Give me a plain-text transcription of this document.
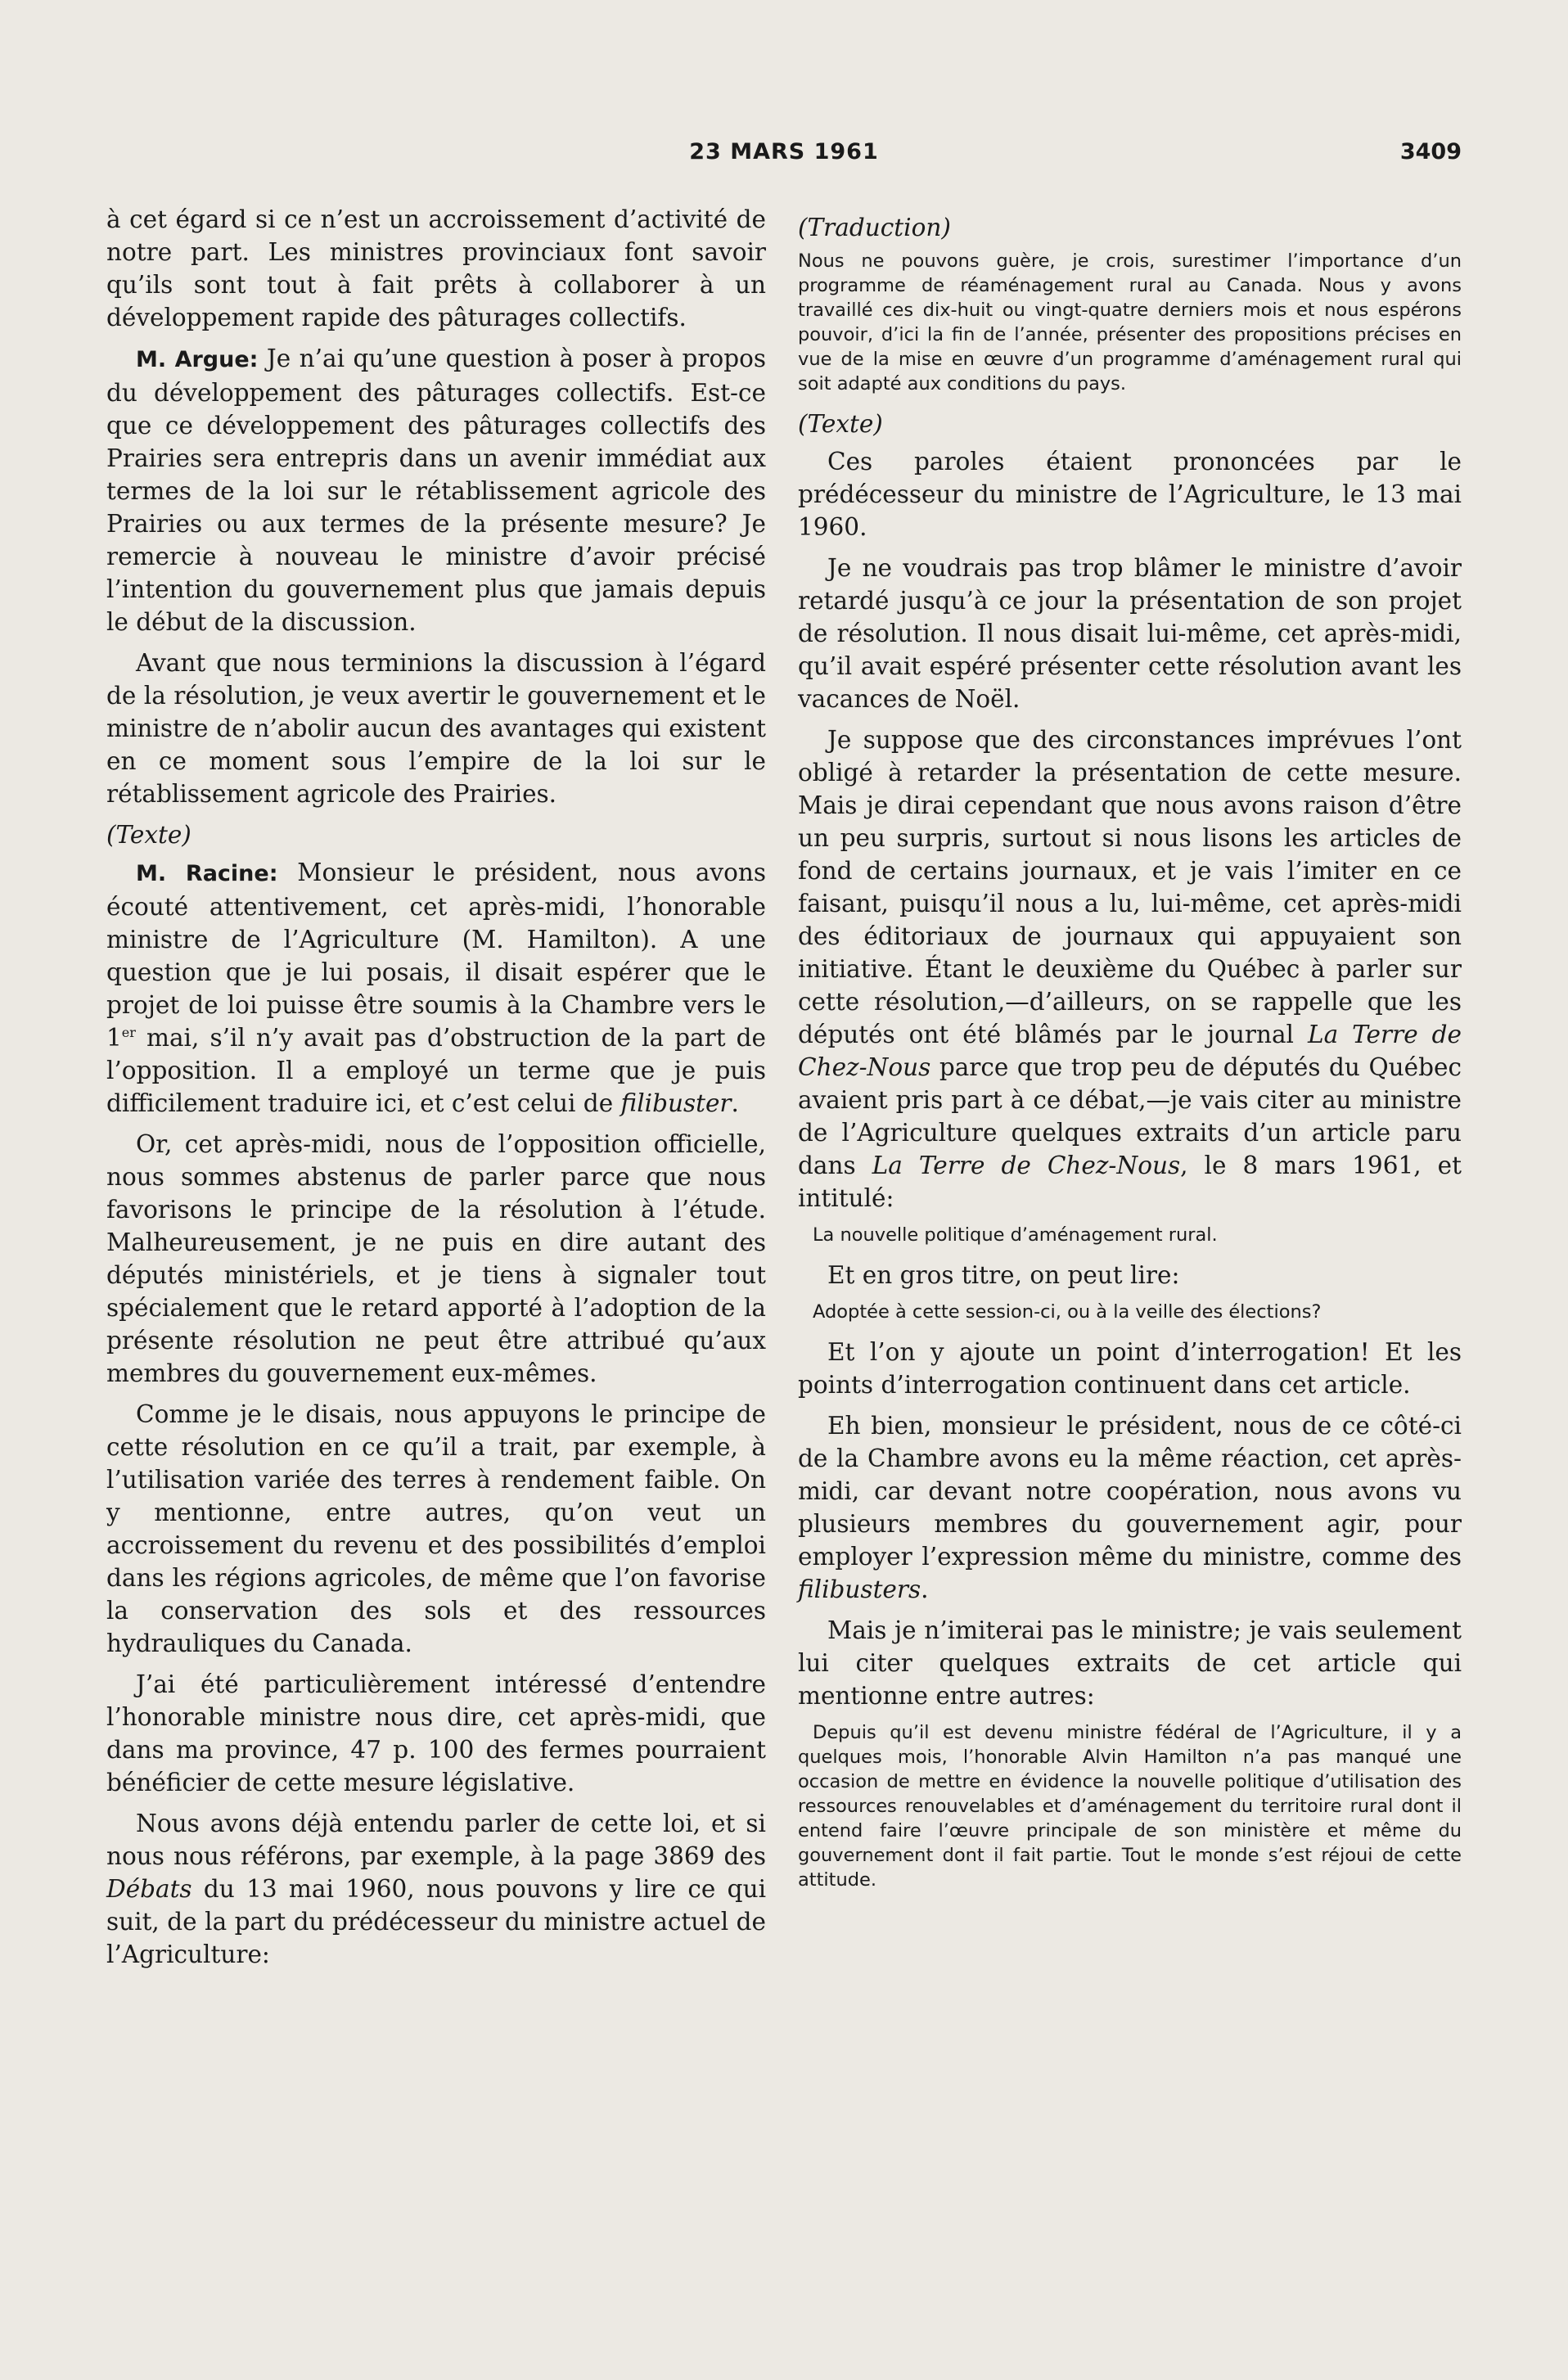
23 MARS 1961	3409

à cet égard si ce n’est un accroissement d’activité de notre part. Les ministres provinciaux font savoir qu’ils sont tout à fait prêts à collaborer à un développement rapide des pâturages collectifs.

M. Argue: Je n’ai qu’une question à poser à propos du développement des pâturages collectifs. Est-ce que ce développement des pâturages collectifs des Prairies sera entrepris dans un avenir immédiat aux termes de la loi sur le rétablissement agricole des Prairies ou aux termes de la présente mesure? Je remercie à nouveau le ministre d’avoir précisé l’intention du gouvernement plus que jamais depuis le début de la discussion.

Avant que nous terminions la discussion à l’égard de la résolution, je veux avertir le gouvernement et le ministre de n’abolir aucun des avantages qui existent en ce moment sous l’empire de la loi sur le rétablissement agricole des Prairies.

(Texte)

M. Racine: Monsieur le président, nous avons écouté attentivement, cet après-midi, l’honorable ministre de l’Agriculture (M. Hamilton). A une question que je lui posais, il disait espérer que le projet de loi puisse être soumis à la Chambre vers le 1er mai, s’il n’y avait pas d’obstruction de la part de l’opposition. Il a employé un terme que je puis difficilement traduire ici, et c’est celui de filibuster.

Or, cet après-midi, nous de l’opposition officielle, nous sommes abstenus de parler parce que nous favorisons le principe de la résolution à l’étude. Malheureusement, je ne puis en dire autant des députés ministériels, et je tiens à signaler tout spécialement que le retard apporté à l’adoption de la présente résolution ne peut être attribué qu’aux membres du gouvernement eux-mêmes.

Comme je le disais, nous appuyons le principe de cette résolution en ce qu’il a trait, par exemple, à l’utilisation variée des terres à rendement faible. On y mentionne, entre autres, qu’on veut un accroissement du revenu et des possibilités d’emploi dans les régions agricoles, de même que l’on favorise la conservation des sols et des ressources hydrauliques du Canada.

J’ai été particulièrement intéressé d’entendre l’honorable ministre nous dire, cet après-midi, que dans ma province, 47 p. 100 des fermes pourraient bénéficier de cette mesure législative.

Nous avons déjà entendu parler de cette loi, et si nous nous référons, par exemple, à la page 3869 des Débats du 13 mai 1960, nous pouvons y lire ce qui suit, de la part du prédécesseur du ministre actuel de l’Agriculture:

(Traduction)
Nous ne pouvons guère, je crois, surestimer l’importance d’un programme de réaménagement rural au Canada. Nous y avons travaillé ces dix-huit ou vingt-quatre derniers mois et nous espérons pouvoir, d’ici la fin de l’année, présenter des propositions précises en vue de la mise en œuvre d’un programme d’aménagement rural qui soit adapté aux conditions du pays.
(Texte)

Ces paroles étaient prononcées par le prédécesseur du ministre de l’Agriculture, le 13 mai 1960.

Je ne voudrais pas trop blâmer le ministre d’avoir retardé jusqu’à ce jour la présentation de son projet de résolution. Il nous disait lui-même, cet après-midi, qu’il avait espéré présenter cette résolution avant les vacances de Noël.

Je suppose que des circonstances imprévues l’ont obligé à retarder la présentation de cette mesure. Mais je dirai cependant que nous avons raison d’être un peu surpris, surtout si nous lisons les articles de fond de certains journaux, et je vais l’imiter en ce faisant, puisqu’il nous a lu, lui-même, cet après-midi des éditoriaux de journaux qui appuyaient son initiative. Étant le deuxième du Québec à parler sur cette résolution,—d’ailleurs, on se rappelle que les députés ont été blâmés par le journal La Terre de Chez-Nous parce que trop peu de députés du Québec avaient pris part à ce débat,—je vais citer au ministre de l’Agriculture quelques extraits d’un article paru dans La Terre de Chez-Nous, le 8 mars 1961, et intitulé:

La nouvelle politique d’aménagement rural.

Et en gros titre, on peut lire:

Adoptée à cette session-ci, ou à la veille des élections?

Et l’on y ajoute un point d’interrogation! Et les points d’interrogation continuent dans cet article.

Eh bien, monsieur le président, nous de ce côté-ci de la Chambre avons eu la même réaction, cet après-midi, car devant notre coopération, nous avons vu plusieurs membres du gouvernement agir, pour employer l’expression même du ministre, comme des filibusters.

Mais je n’imiterai pas le ministre; je vais seulement lui citer quelques extraits de cet article qui mentionne entre autres:

Depuis qu’il est devenu ministre fédéral de l’Agriculture, il y a quelques mois, l’honorable Alvin Hamilton n’a pas manqué une occasion de mettre en évidence la nouvelle politique d’utilisation des ressources renouvelables et d’aménagement du territoire rural dont il entend faire l’œuvre principale de son ministère et même du gouvernement dont il fait partie. Tout le monde s’est réjoui de cette attitude.
